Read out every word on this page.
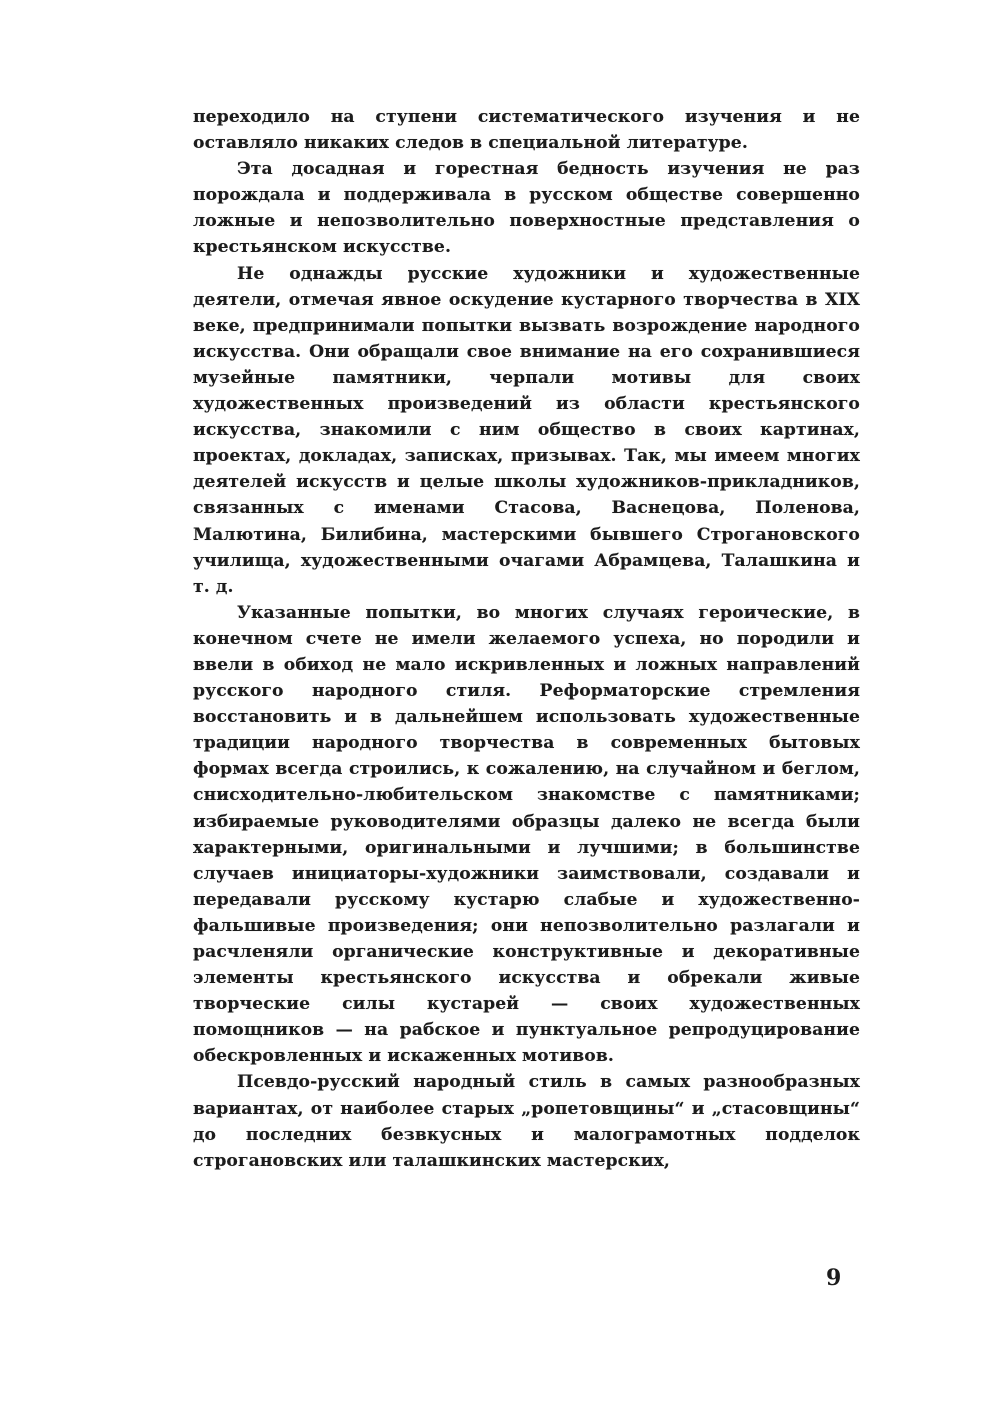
переходило на ступени систематического изучения и не оставляло никаких следов в специальной литературе.

Эта досадная и горестная бедность изучения не раз порождала и поддерживала в русском обществе совершенно ложные и непозволительно поверхностные представления о крестьянском искусстве.

Не однажды русские художники и художественные деятели, отмечая явное оскудение кустарного творчества в XIX веке, предпринимали попытки вызвать возрождение народного искусства. Они обращали свое внимание на его сохранившиеся музейные памятники, черпали мотивы для своих художественных произведений из области крестьянского искусства, знакомили с ним общество в своих картинах, проектах, докладах, записках, призывах. Так, мы имеем многих деятелей искусств и целые школы художников-прикладников, связанных с именами Стасова, Васнецова, Поленова, Малютина, Билибина, мастерскими бывшего Строгановского училища, художественными очагами Абрамцева, Талашкина и т. д.

Указанные попытки, во многих случаях героические, в конечном счете не имели желаемого успеха, но породили и ввели в обиход не мало искривленных и ложных направлений русского народного стиля. Реформаторские стремления восстановить и в дальнейшем использовать художественные традиции народного творчества в современных бытовых формах всегда строились, к сожалению, на случайном и беглом, снисходительно-любительском знакомстве с памятниками; избираемые руководителями образцы далеко не всегда были характерными, оригинальными и лучшими; в большинстве случаев инициаторы-художники заимствовали, создавали и передавали русскому кустарю слабые и художественно-фальшивые произведения; они непозволительно разлагали и расчленяли органические конструктивные и декоративные элементы крестьянского искусства и обрекали живые творческие силы кустарей — своих художественных помощников — на рабское и пунктуальное репродуцирование обескровленных и искаженных мотивов.

Псевдо-русский народный стиль в самых разнообразных вариантах, от наиболее старых „ропетовщины“ и „стасовщины“ до последних безвкусных и малограмотных подделок строгановских или талашкинских мастерских,

9
